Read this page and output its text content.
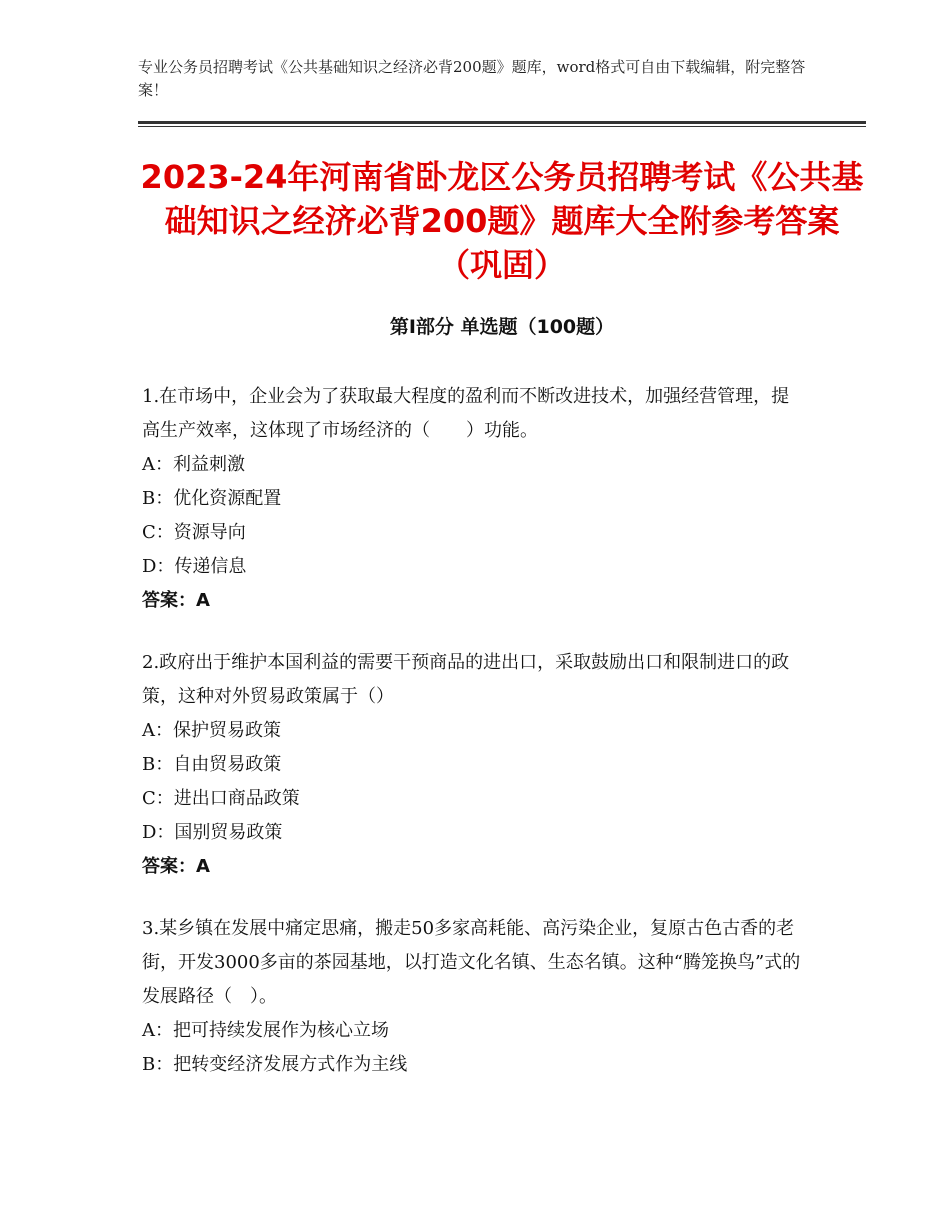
专业公务员招聘考试《公共基础知识之经济必背200题》题库，word格式可自由下载编辑，附完整答案！
2023-24年河南省卧龙区公务员招聘考试《公共基础知识之经济必背200题》题库大全附参考答案（巩固）
第Ⅰ部分 单选题（100题）

1.在市场中，企业会为了获取最大程度的盈利而不断改进技术，加强经营管理，提高生产效率，这体现了市场经济的（　　）功能。

A：利益刺激

B：优化资源配置

C：资源导向

D：传递信息

答案：A

2.政府出于维护本国利益的需要干预商品的进出口，采取鼓励出口和限制进口的政策，这种对外贸易政策属于（）

A：保护贸易政策

B：自由贸易政策

C：进出口商品政策

D：国别贸易政策

答案：A

3.某乡镇在发展中痛定思痛，搬走50多家高耗能、高污染企业，复原古色古香的老街，开发3000多亩的茶园基地，以打造文化名镇、生态名镇。这种“腾笼换鸟”式的发展路径（　）。

A：把可持续发展作为核心立场

B：把转变经济发展方式作为主线
